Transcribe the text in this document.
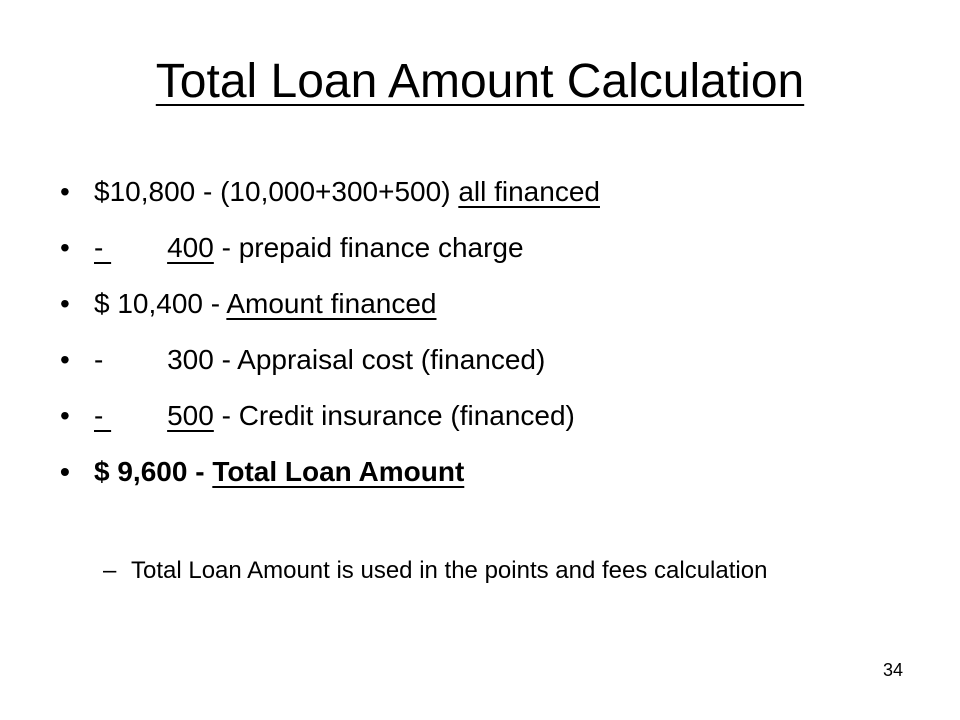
Total Loan Amount Calculation

•

$10,800 - (10,000+300+500) all financed

•

- 400 - prepaid finance charge

•

$ 10,400 - Amount financed

•

- 300 - Appraisal cost (financed)

•

- 500 - Credit insurance (financed)

•

$ 9,600 - Total Loan Amount

– Total Loan Amount is used in the points and fees calculation
34
